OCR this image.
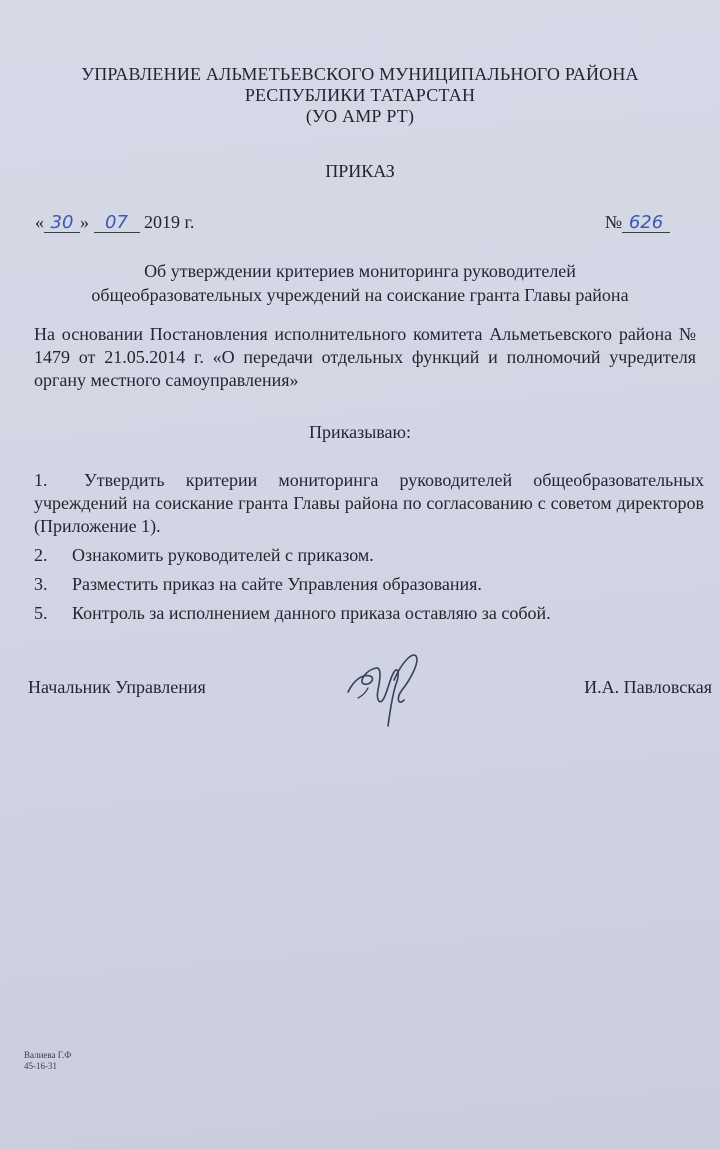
УПРАВЛЕНИЕ АЛЬМЕТЬЕВСКОГО МУНИЦИПАЛЬНОГО РАЙОНА
РЕСПУБЛИКИ ТАТАРСТАН
(УО АМР РТ)
ПРИКАЗ
« 30 » 07 2019 г.	№ 626
Об утверждении критериев мониторинга руководителей
общеобразовательных учреждений на соискание гранта Главы района
На основании Постановления исполнительного комитета Альметьевского района № 1479 от 21.05.2014 г. «О передачи отдельных функций и полномочий учредителя органу местного самоуправления»
Приказываю:
1.	Утвердить критерии мониторинга руководителей общеобразовательных учреждений на соискание гранта Главы района по согласованию с советом директоров (Приложение 1).
2.	Ознакомить руководителей с приказом.
3.	Разместить приказ на сайте Управления образования.
5.	Контроль за исполнением данного приказа оставляю за собой.
Начальник Управления	И.А. Павловская
Валиева Г.Ф
45-16-31
